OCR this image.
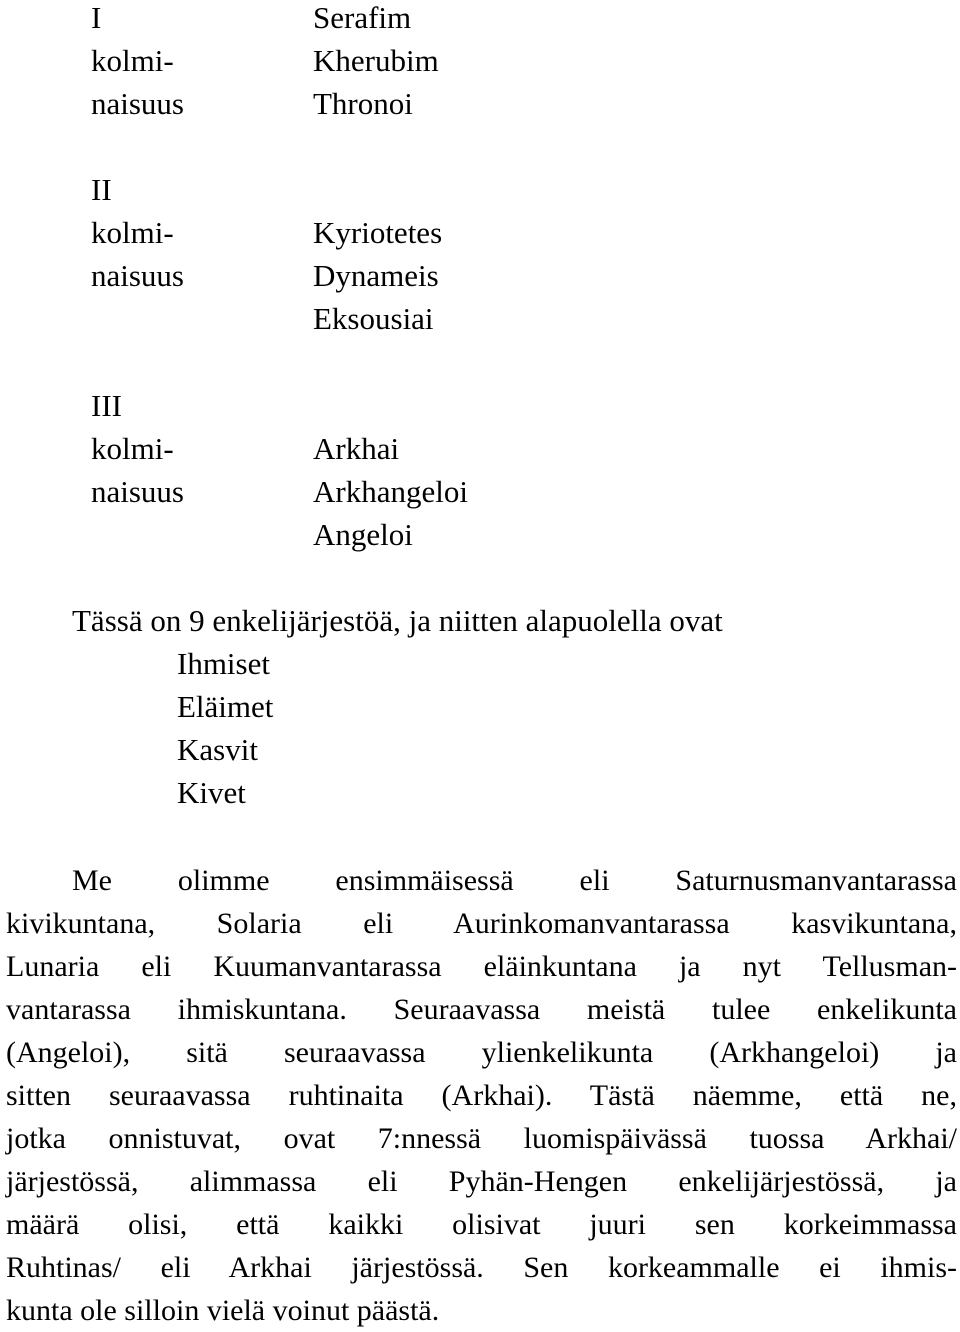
I
kolmi-
naisuus
Serafim
Kherubim
Thronoi
II
kolmi-
naisuus
Kyriotetes
Dynameis
Eksousiai
III
kolmi-
naisuus
Arkhai
Arkhangeloi
Angeloi
Tässä on 9 enkelijärjestöä, ja niitten alapuolella ovat
Ihmiset
Eläimet
Kasvit
Kivet
Me olimme ensimmäisessä eli Saturnusmanvantarassa
kivikuntana, Solaria eli Aurinkomanvantarassa kasvikuntana,
Lunaria eli Kuumanvantarassa eläinkuntana ja nyt Tellusman-
vantarassa ihmiskuntana. Seuraavassa meistä tulee enkelikunta
(Angeloi), sitä seuraavassa ylienkelikunta (Arkhangeloi) ja
sitten seuraavassa ruhtinaita (Arkhai). Tästä näemme, että ne,
jotka onnistuvat, ovat 7:nnessä luomispäivässä tuossa Arkhai/
järjestössä, alimmassa eli Pyhän-Hengen enkelijärjestössä, ja
määrä olisi, että kaikki olisivat juuri sen korkeimmassa
Ruhtinas/ eli Arkhai järjestössä. Sen korkeammalle ei ihmis-
kunta ole silloin vielä voinut päästä.
